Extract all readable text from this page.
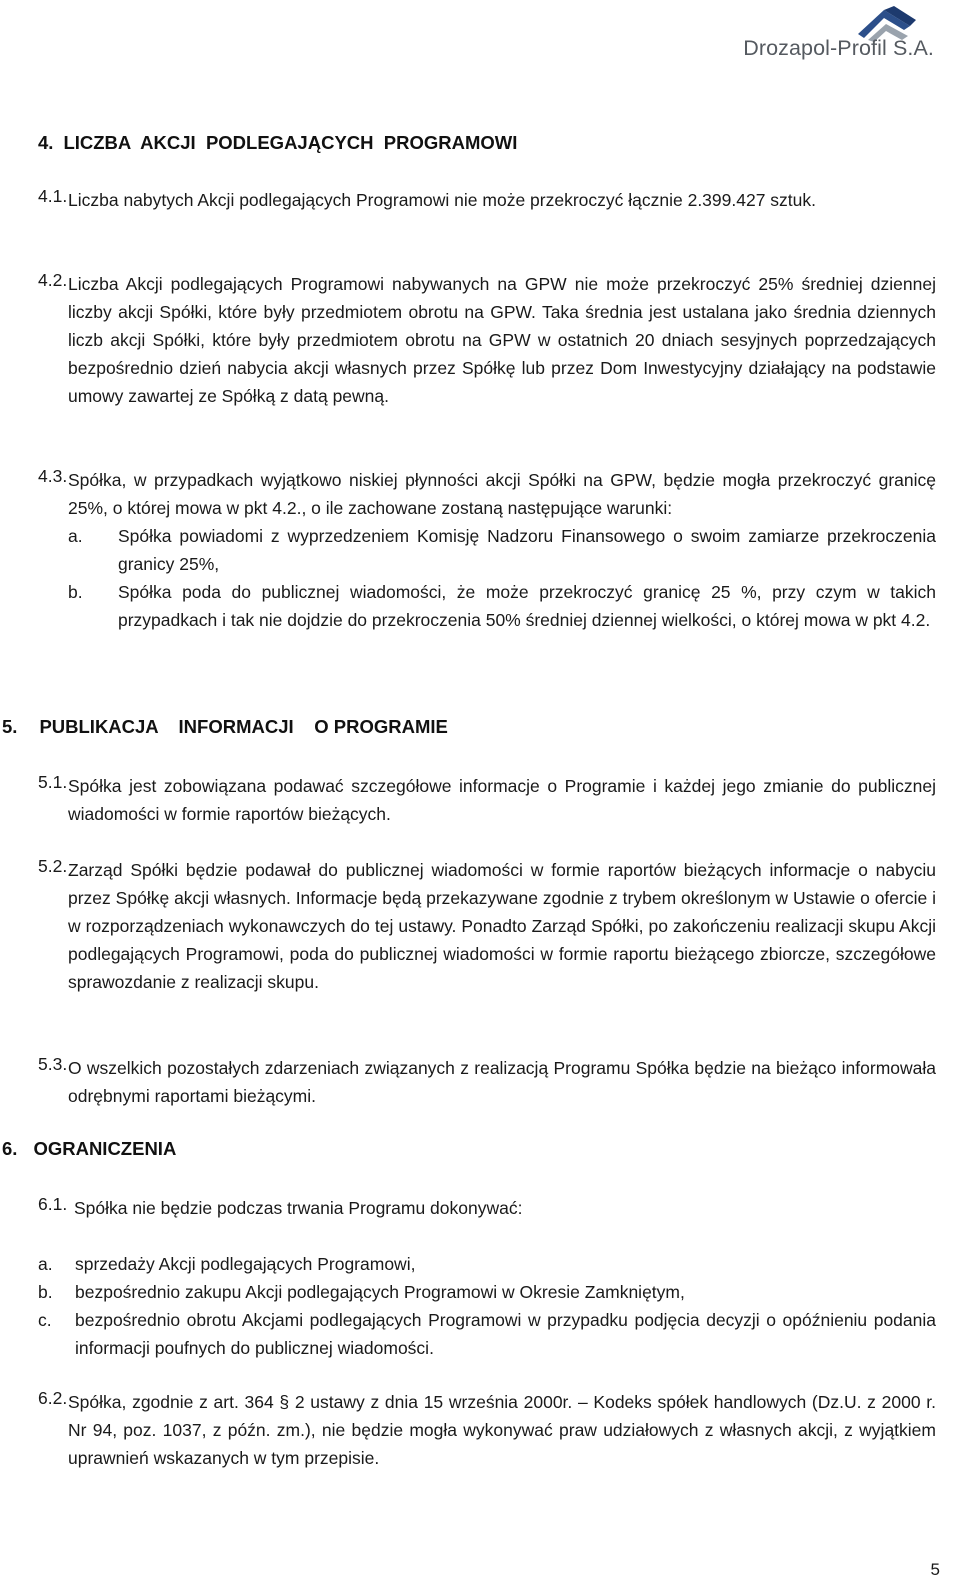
Drozapol-Profil S.A.
4. LICZBA  AKCJI  PODLEGAJĄCYCH  PROGRAMOWI
4.1. Liczba nabytych Akcji podlegających Programowi nie może przekroczyć łącznie 2.399.427 sztuk.
4.2. Liczba Akcji podlegających Programowi nabywanych na GPW nie może przekroczyć 25% średniej dziennej liczby akcji Spółki, które były przedmiotem obrotu na GPW. Taka średnia jest ustalana jako średnia dziennych liczb akcji Spółki, które były przedmiotem obrotu na GPW w ostatnich 20 dniach sesyjnych poprzedzających bezpośrednio dzień nabycia akcji własnych przez Spółkę lub przez Dom Inwestycyjny działający na podstawie umowy zawartej ze Spółką z datą pewną.
4.3. Spółka, w przypadkach wyjątkowo niskiej płynności akcji Spółki na GPW, będzie mogła przekroczyć granicę 25%, o której mowa w pkt 4.2., o ile zachowane zostaną następujące warunki:
a. Spółka powiadomi z wyprzedzeniem Komisję Nadzoru Finansowego o swoim zamiarze przekroczenia granicy 25%,
b. Spółka poda do publicznej wiadomości, że może przekroczyć granicę 25 %, przy czym w takich przypadkach i tak nie dojdzie do przekroczenia 50% średniej dziennej wielkości, o której mowa w pkt 4.2.
5. PUBLIKACJA    INFORMACJI    O PROGRAMIE
5.1. Spółka jest zobowiązana podawać szczegółowe informacje o Programie i każdej jego zmianie do publicznej wiadomości w formie raportów bieżących.
5.2. Zarząd Spółki będzie podawał do publicznej wiadomości w formie raportów bieżących informacje o nabyciu przez Spółkę akcji własnych. Informacje będą przekazywane zgodnie z trybem określonym w Ustawie o ofercie i w rozporządzeniach wykonawczych do tej ustawy. Ponadto Zarząd Spółki, po zakończeniu realizacji skupu Akcji podlegających Programowi, poda do publicznej wiadomości w formie raportu bieżącego zbiorcze, szczegółowe sprawozdanie z realizacji skupu.
5.3. O wszelkich pozostałych zdarzeniach związanych z realizacją Programu Spółka będzie na bieżąco informowała odrębnymi raportami bieżącymi.
6. OGRANICZENIA
6.1. Spółka nie będzie podczas trwania Programu dokonywać:
a. sprzedaży Akcji podlegających Programowi,
b. bezpośrednio zakupu Akcji podlegających Programowi w Okresie Zamkniętym,
c. bezpośrednio obrotu Akcjami podlegających Programowi w przypadku podjęcia decyzji o opóźnieniu podania informacji poufnych do publicznej wiadomości.
6.2. Spółka, zgodnie z art. 364 § 2 ustawy z dnia 15 września 2000r. – Kodeks spółek handlowych (Dz.U. z 2000 r. Nr 94, poz. 1037, z późn. zm.), nie będzie mogła wykonywać praw udziałowych z własnych akcji, z wyjątkiem uprawnień wskazanych w tym przepisie.
5
